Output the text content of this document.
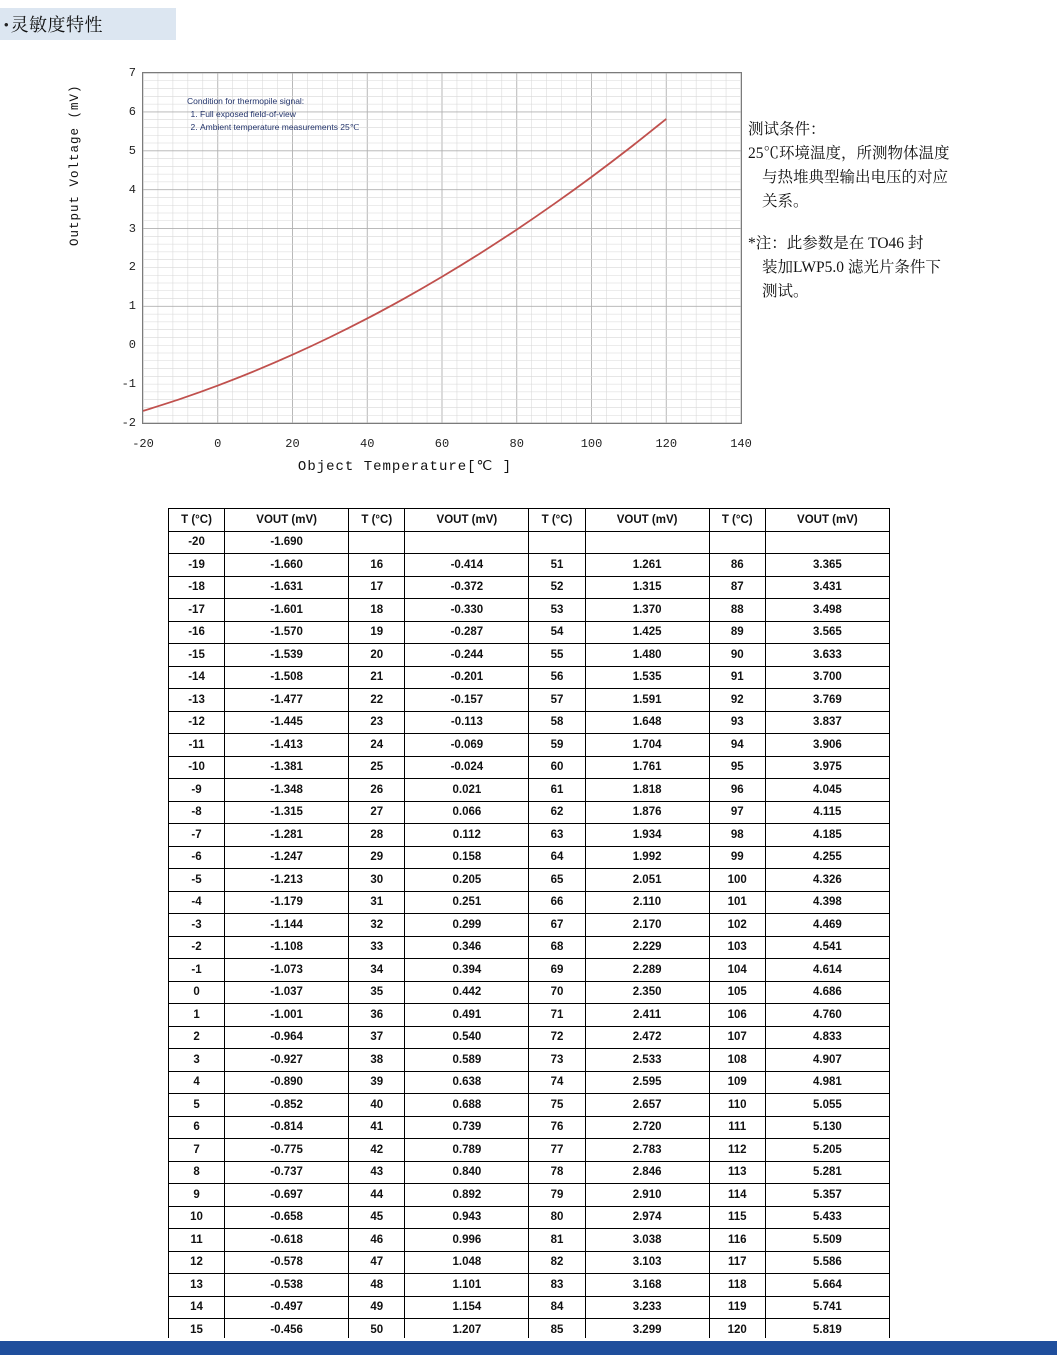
• 灵敏度特性
Output Voltage (mV)	Condition for thermopile signal:
1. Full exposed field-of-view
2. Ambient temperature measurements 25℃
-2
-1
0
1
2
3
4
5
6
7
-20	0	20	40	60	80	100	120	140
Object Temperature[℃ ]

测试条件：

25℃环境温度，所测物体温度

与热堆典型输出电压的对应

关系。

*注：此参数是在 TO46 封

装加LWP5.0 滤光片条件下

测试。

T (°C)	VOUT (mV)	T (°C)	VOUT (mV)	T (°C)	VOUT (mV)	T (°C)	VOUT (mV)
-20	-1.690						
-19	-1.660	16	-0.414	51	1.261	86	3.365
-18	-1.631	17	-0.372	52	1.315	87	3.431
-17	-1.601	18	-0.330	53	1.370	88	3.498
-16	-1.570	19	-0.287	54	1.425	89	3.565
-15	-1.539	20	-0.244	55	1.480	90	3.633
-14	-1.508	21	-0.201	56	1.535	91	3.700
-13	-1.477	22	-0.157	57	1.591	92	3.769
-12	-1.445	23	-0.113	58	1.648	93	3.837
-11	-1.413	24	-0.069	59	1.704	94	3.906
-10	-1.381	25	-0.024	60	1.761	95	3.975
-9	-1.348	26	0.021	61	1.818	96	4.045
-8	-1.315	27	0.066	62	1.876	97	4.115
-7	-1.281	28	0.112	63	1.934	98	4.185
-6	-1.247	29	0.158	64	1.992	99	4.255
-5	-1.213	30	0.205	65	2.051	100	4.326
-4	-1.179	31	0.251	66	2.110	101	4.398
-3	-1.144	32	0.299	67	2.170	102	4.469
-2	-1.108	33	0.346	68	2.229	103	4.541
-1	-1.073	34	0.394	69	2.289	104	4.614
0	-1.037	35	0.442	70	2.350	105	4.686
1	-1.001	36	0.491	71	2.411	106	4.760
2	-0.964	37	0.540	72	2.472	107	4.833
3	-0.927	38	0.589	73	2.533	108	4.907
4	-0.890	39	0.638	74	2.595	109	4.981
5	-0.852	40	0.688	75	2.657	110	5.055
6	-0.814	41	0.739	76	2.720	111	5.130
7	-0.775	42	0.789	77	2.783	112	5.205
8	-0.737	43	0.840	78	2.846	113	5.281
9	-0.697	44	0.892	79	2.910	114	5.357
10	-0.658	45	0.943	80	2.974	115	5.433
11	-0.618	46	0.996	81	3.038	116	5.509
12	-0.578	47	1.048	82	3.103	117	5.586
13	-0.538	48	1.101	83	3.168	118	5.664
14	-0.497	49	1.154	84	3.233	119	5.741
15	-0.456	50	1.207	85	3.299	120	5.819
